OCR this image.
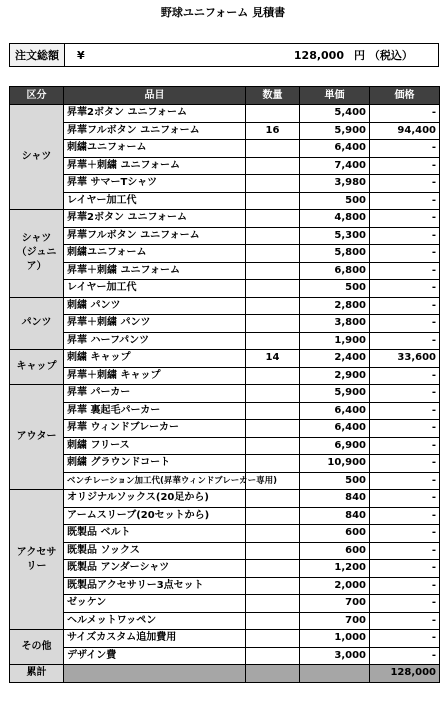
野球ユニフォーム 見積書
注文総額	¥	128,000 円 （税込）
区分	品目	数量	単価	価格
シャツ	昇華2ボタン ユニフォーム		5,400	-
	昇華フルボタン ユニフォーム	16	5,900	94,400
	刺繍ユニフォーム		6,400	-
	昇華＋刺繍 ユニフォーム		7,400	-
	昇華 サマーTシャツ		3,980	-
	レイヤー加工代		500	-
シャツ（ジュニア）	昇華2ボタン ユニフォーム		4,800	-
	昇華フルボタン ユニフォーム		5,300	-
	刺繍ユニフォーム		5,800	-
	昇華＋刺繍 ユニフォーム		6,800	-
	レイヤー加工代		500	-
パンツ	刺繍 パンツ		2,800	-
	昇華＋刺繍 パンツ		3,800	-
	昇華 ハーフパンツ		1,900	-
キャップ	刺繍 キャップ	14	2,400	33,600
	昇華＋刺繍 キャップ		2,900	-
アウター	昇華 パーカー		5,900	-
	昇華 裏起毛パーカー		6,400	-
	昇華 ウィンドブレーカー		6,400	-
	刺繍 フリース		6,900	-
	刺繍 グラウンドコート		10,900	-
	ベンチレーション加工代(昇華ウィンドブレーカー専用)		500	-
アクセサリー	オリジナルソックス(20足から)		840	-
	アームスリーブ(20セットから)		840	-
	既製品 ベルト		600	-
	既製品 ソックス		600	-
	既製品 アンダーシャツ		1,200	-
	既製品アクセサリー3点セット		2,000	-
	ゼッケン		700	-
	ヘルメットワッペン		700	-
その他	サイズカスタム追加費用		1,000	-
	デザイン費		3,000	-
累計				128,000
